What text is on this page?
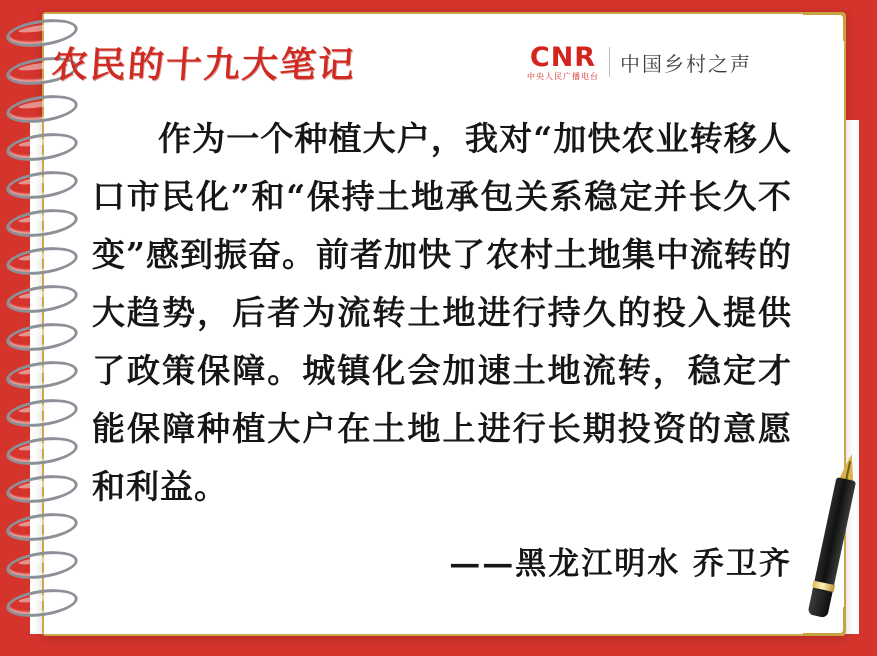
农民的十九大笔记	CNR
中央人民广播电台
中国乡村之声
作为一个种植大户，我对“加快农业转移人口市民化”和“保持土地承包关系稳定并长久不变”感到振奋。前者加快了农村土地集中流转的大趋势，后者为流转土地进行持久的投入提供了政策保障。城镇化会加速土地流转，稳定才能保障种植大户在土地上进行长期投资的意愿和利益。
——黑龙江明水 乔卫齐
